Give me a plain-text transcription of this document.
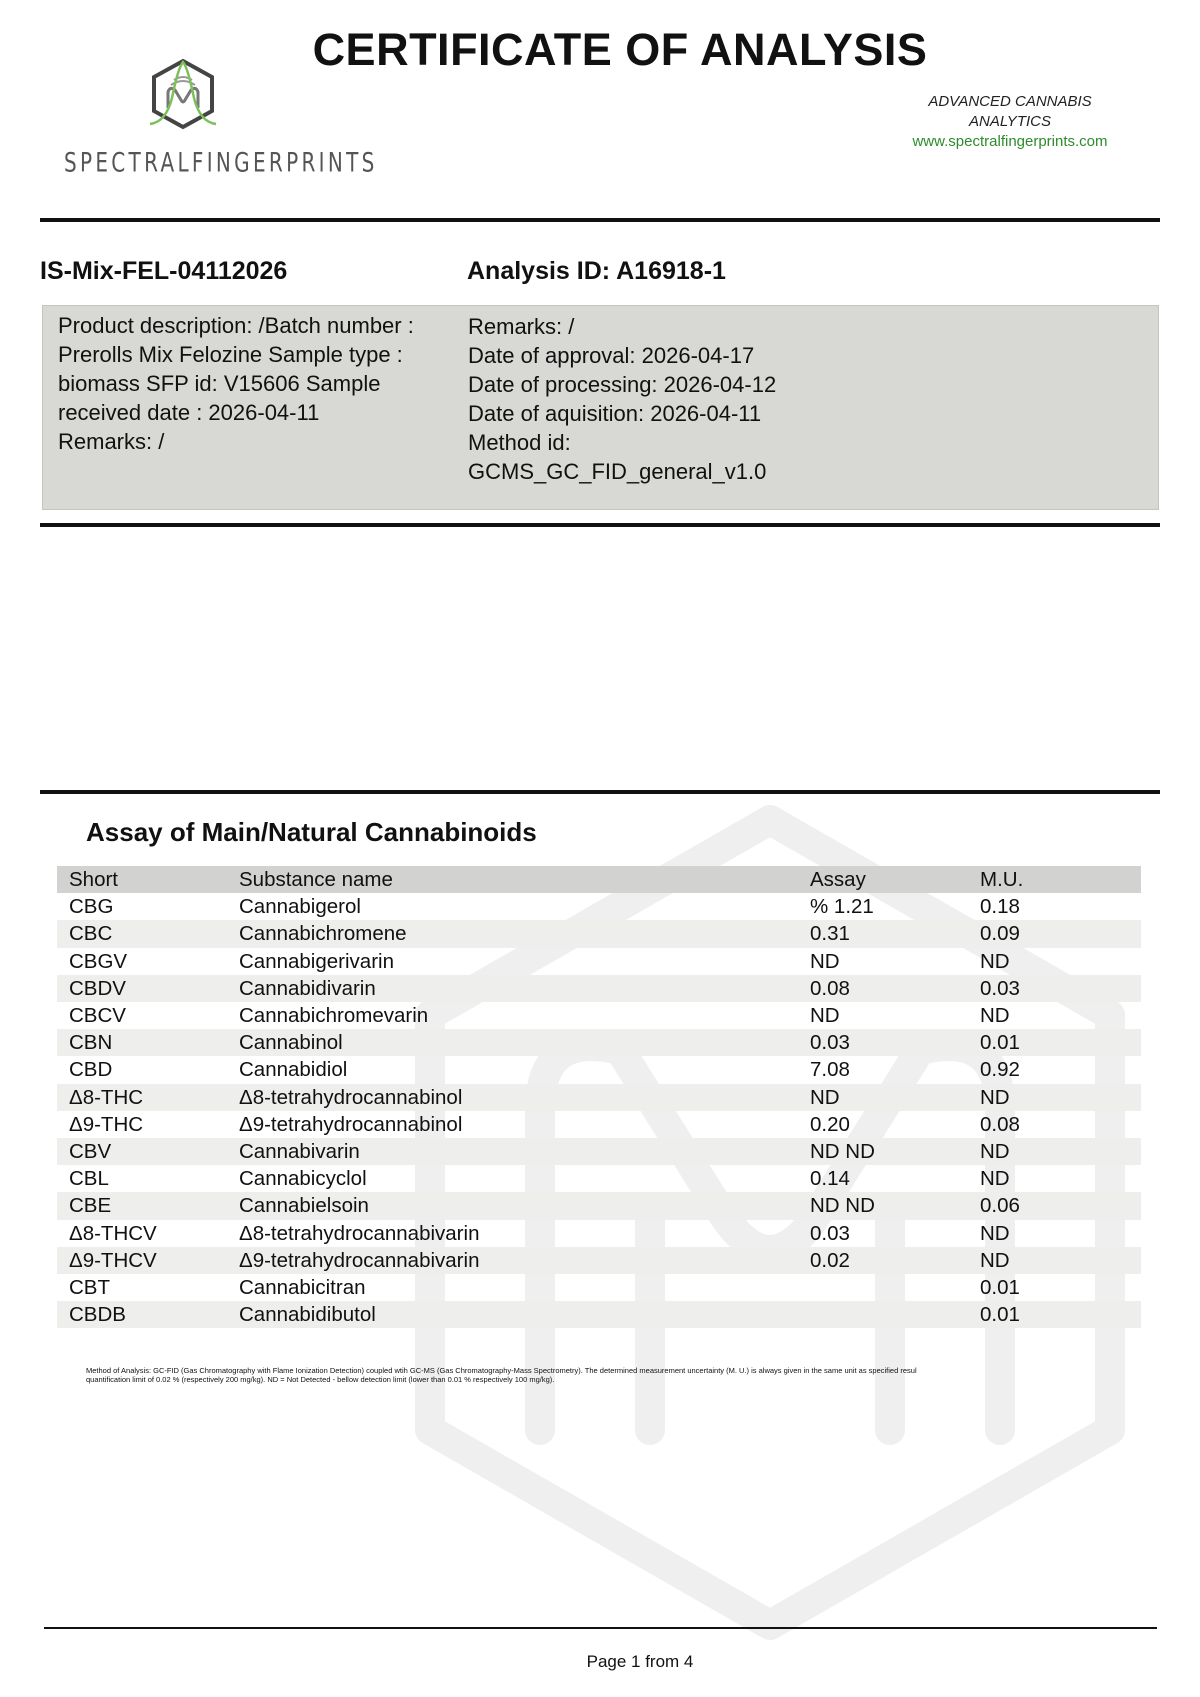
CERTIFICATE OF ANALYSIS
SPECTRALFINGERPRINTS
ADVANCED CANNABIS
ANALYTICS
www.spectralfingerprints.com
IS-Mix-FEL-04112026	Analysis ID: A16918-1
Product description: /Batch number : Prerolls Mix Felozine Sample type : biomass SFP id: V15606 Sample received date : 2026-04-11 Remarks: /
Remarks: /
Date of approval: 2026-04-17
Date of processing: 2026-04-12
Date of aquisition: 2026-04-11
Method id:
GCMS_GC_FID_general_v1.0
Assay of Main/Natural Cannabinoids
Short	Substance name	Assay	M.U.
CBG	Cannabigerol	% 1.21	0.18
CBC	Cannabichromene	0.31	0.09
CBGV	Cannabigerivarin	ND	ND
CBDV	Cannabidivarin	0.08	0.03
CBCV	Cannabichromevarin	ND	ND
CBN	Cannabinol	0.03	0.01
CBD	Cannabidiol	7.08	0.92
Δ8-THC	Δ8-tetrahydrocannabinol	ND	ND
Δ9-THC	Δ9-tetrahydrocannabinol	0.20	0.08
CBV	Cannabivarin	ND ND	ND
CBL	Cannabicyclol	0.14	ND
CBE	Cannabielsoin	ND ND	0.06
Δ8-THCV	Δ8-tetrahydrocannabivarin	0.03	ND
Δ9-THCV	Δ9-tetrahydrocannabivarin	0.02	ND
CBT	Cannabicitran		0.01
CBDB	Cannabidibutol		0.01
Method of Analysis: GC-FID (Gas Chromatography with Flame Ionization Detection) coupled wtih GC-MS (Gas Chromatography-Mass Spectrometry). The determined measurement uncertainty (M. U.) is always given in the same unit as specified resul
quantification limit of 0.02 % (respectively 200 mg/kg). ND = Not Detected - bellow detection limit (lower than 0.01 % respectively 100 mg/kg).
Page 1 from 4
